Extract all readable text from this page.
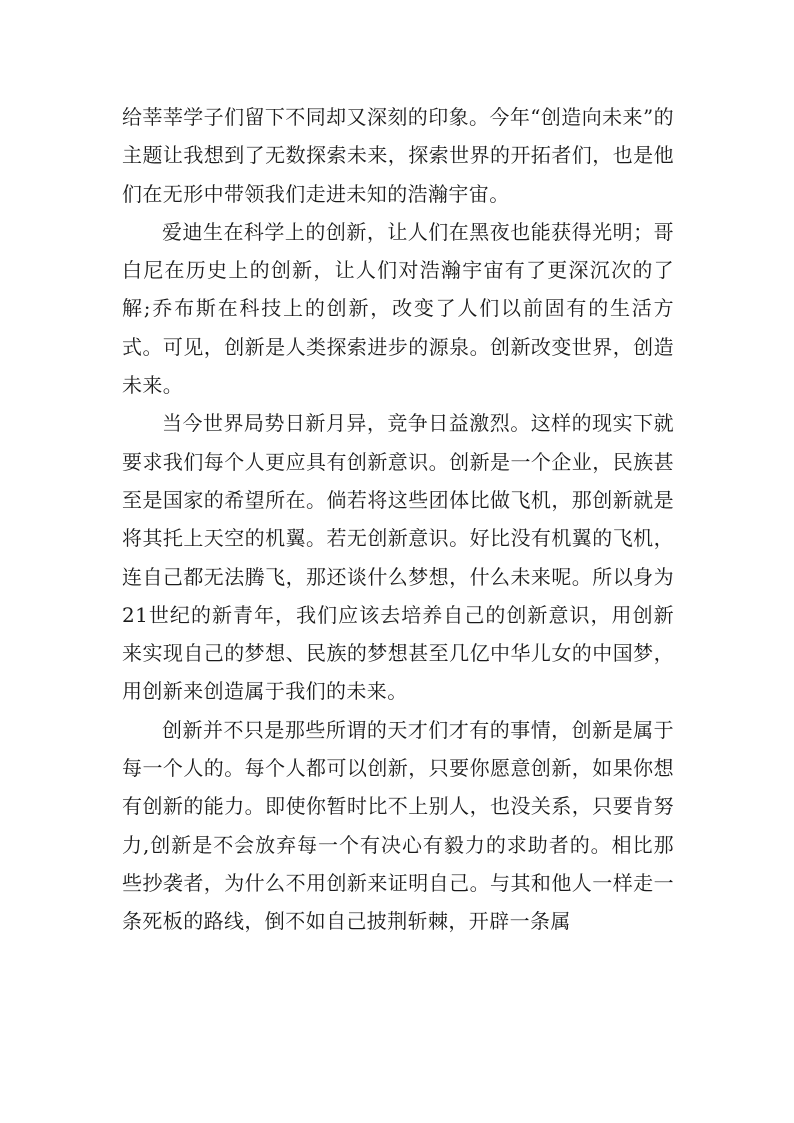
给莘莘学子们留下不同却又深刻的印象。今年“创造向未来”的主题让我想到了无数探索未来，探索世界的开拓者们，也是他们在无形中带领我们走进未知的浩瀚宇宙。

爱迪生在科学上的创新，让人们在黑夜也能获得光明；哥白尼在历史上的创新，让人们对浩瀚宇宙有了更深沉次的了解;乔布斯在科技上的创新，改变了人们以前固有的生活方式。可见，创新是人类探索进步的源泉。创新改变世界，创造未来。

当今世界局势日新月异，竞争日益激烈。这样的现实下就要求我们每个人更应具有创新意识。创新是一个企业，民族甚至是国家的希望所在。倘若将这些团体比做飞机，那创新就是将其托上天空的机翼。若无创新意识。好比没有机翼的飞机，连自己都无法腾飞，那还谈什么梦想，什么未来呢。所以身为21世纪的新青年，我们应该去培养自己的创新意识，用创新来实现自己的梦想、民族的梦想甚至几亿中华儿女的中国梦，用创新来创造属于我们的未来。

创新并不只是那些所谓的天才们才有的事情，创新是属于每一个人的。每个人都可以创新，只要你愿意创新，如果你想有创新的能力。即使你暂时比不上别人，也没关系，只要肯努力,创新是不会放弃每一个有决心有毅力的求助者的。相比那些抄袭者，为什么不用创新来证明自己。与其和他人一样走一条死板的路线，倒不如自己披荆斩棘，开辟一条属
